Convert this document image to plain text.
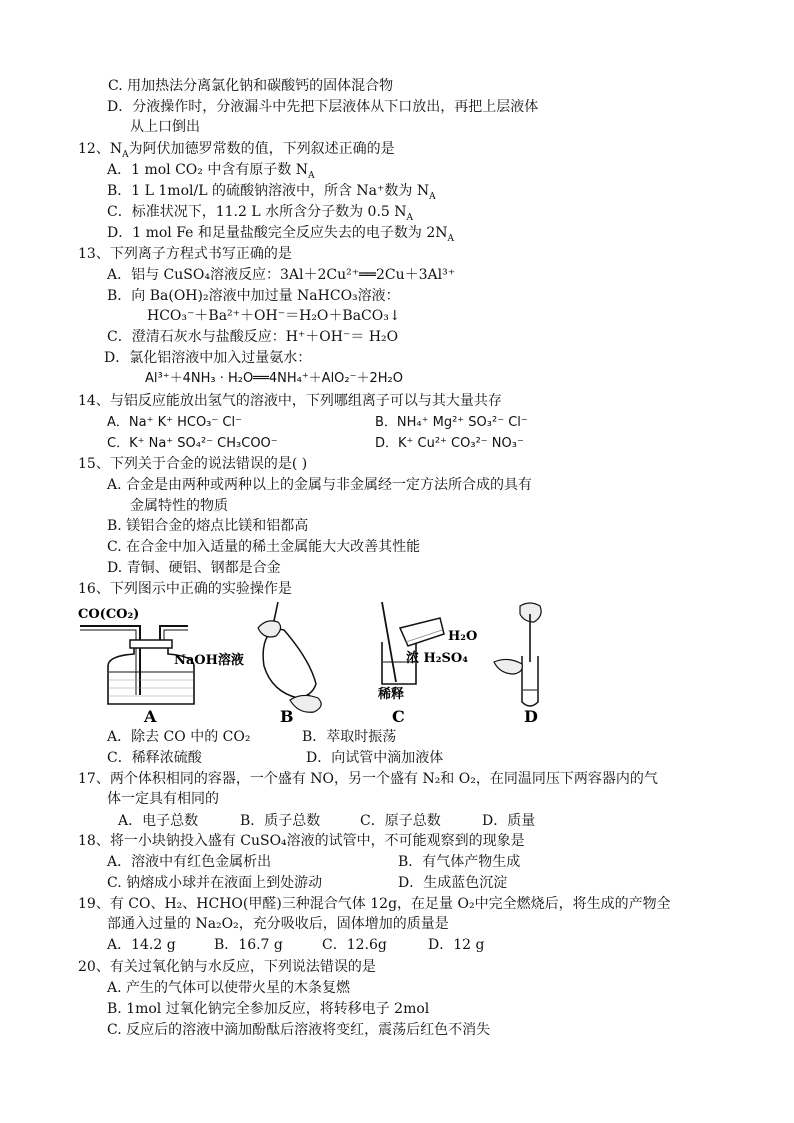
C. 用加热法分离氯化钠和碳酸钙的固体混合物
D．分液操作时，分液漏斗中先把下层液体从下口放出，再把上层液体
从上口倒出
12、$N_A$为阿伏加德罗常数的值，下列叙述正确的是
A．1 mol CO₂ 中含有原子数 $N_A$
B．1 L 1mol/L 的硫酸钠溶液中，所含 Na⁺数为 $N_A$
C．标准状况下，11.2 L 水所含分子数为 0.5 $N_A$
D．1 mol Fe 和足量盐酸完全反应失去的电子数为 $2N_A$
13、下列离子方程式书写正确的是
A．铝与 CuSO₄溶液反应：3Al＋2Cu²⁺══2Cu＋3Al³⁺
B．向 Ba(OH)₂溶液中加过量 NaHCO₃溶液：
HCO₃⁻＋Ba²⁺＋OH⁻＝H₂O＋BaCO₃↓
C．澄清石灰水与盐酸反应：H⁺＋OH⁻＝ H₂O
D．氯化铝溶液中加入过量氨水：
Al³⁺＋4NH₃ · H₂O══4NH₄⁺＋AlO₂⁻＋2H₂O
14、与铝反应能放出氢气的溶液中，下列哪组离子可以与其大量共存
A．Na⁺ K⁺ HCO₃⁻ Cl⁻	B．NH₄⁺ Mg²⁺ SO₃²⁻ Cl⁻
C．K⁺ Na⁺ SO₄²⁻ CH₃COO⁻	D．K⁺ Cu²⁺ CO₃²⁻ NO₃⁻
15、下列关于合金的说法错误的是( )
A. 合金是由两种或两种以上的金属与非金属经一定方法所合成的具有
金属特性的物质
B. 镁铝合金的熔点比镁和铝都高
C. 在合金中加入适量的稀土金属能大大改善其性能
D. 青铜、硬铝、钢都是合金
16、下列图示中正确的实验操作是
CO(CO₂)
NaOH溶液
A	B
H₂O
浓 H₂SO₄
稀释
C	D
A．除去 CO 中的 CO₂	B．萃取时振荡
C．稀释浓硫酸	D．向试管中滴加液体
17、两个体积相同的容器，一个盛有 NO，另一个盛有 N₂和 O₂，在同温同压下两容器内的气
体一定具有相同的
A．电子总数	B．质子总数	C．原子总数	D．质量
18、将一小块钠投入盛有 CuSO₄溶液的试管中，不可能观察到的现象是
A．溶液中有红色金属析出	B．有气体产物生成
C. 钠熔成小球并在液面上到处游动	D．生成蓝色沉淀
19、有 CO、H₂、HCHO(甲醛)三种混合气体 12g，在足量 O₂中完全燃烧后，将生成的产物全
部通入过量的 Na₂O₂，充分吸收后，固体增加的质量是
A．14.2 g	B．16.7 g	C．12.6g	D．12 g
20、有关过氧化钠与水反应，下列说法错误的是
A. 产生的气体可以使带火星的木条复燃
B. 1mol 过氧化钠完全参加反应，将转移电子 2mol
C. 反应后的溶液中滴加酚酞后溶液将变红，震荡后红色不消失
